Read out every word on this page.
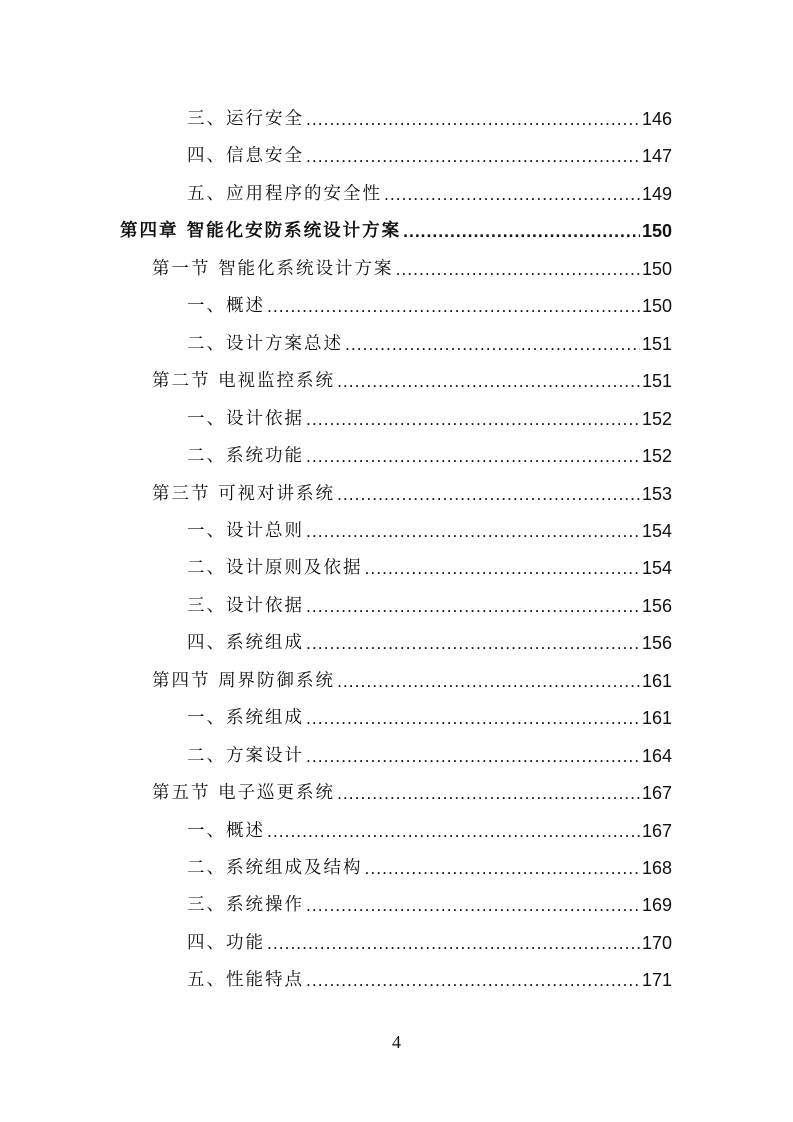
三、运行安全 .....	146
四、信息安全 .....	147
五、应用程序的安全性 .....	149
第四章 智能化安防系统设计方案 .....	150
第一节 智能化系统设计方案 .....	150
一、概述 .....	150
二、设计方案总述 .....	151
第二节 电视监控系统 .....	151
一、设计依据 .....	152
二、系统功能 .....	152
第三节 可视对讲系统 .....	153
一、设计总则 .....	154
二、设计原则及依据 .....	154
三、设计依据 .....	156
四、系统组成 .....	156
第四节 周界防御系统 .....	161
一、系统组成 .....	161
二、方案设计 .....	164
第五节 电子巡更系统 .....	167
一、概述 .....	167
二、系统组成及结构 .....	168
三、系统操作 .....	169
四、功能 .....	170
五、性能特点 .....	171
4
